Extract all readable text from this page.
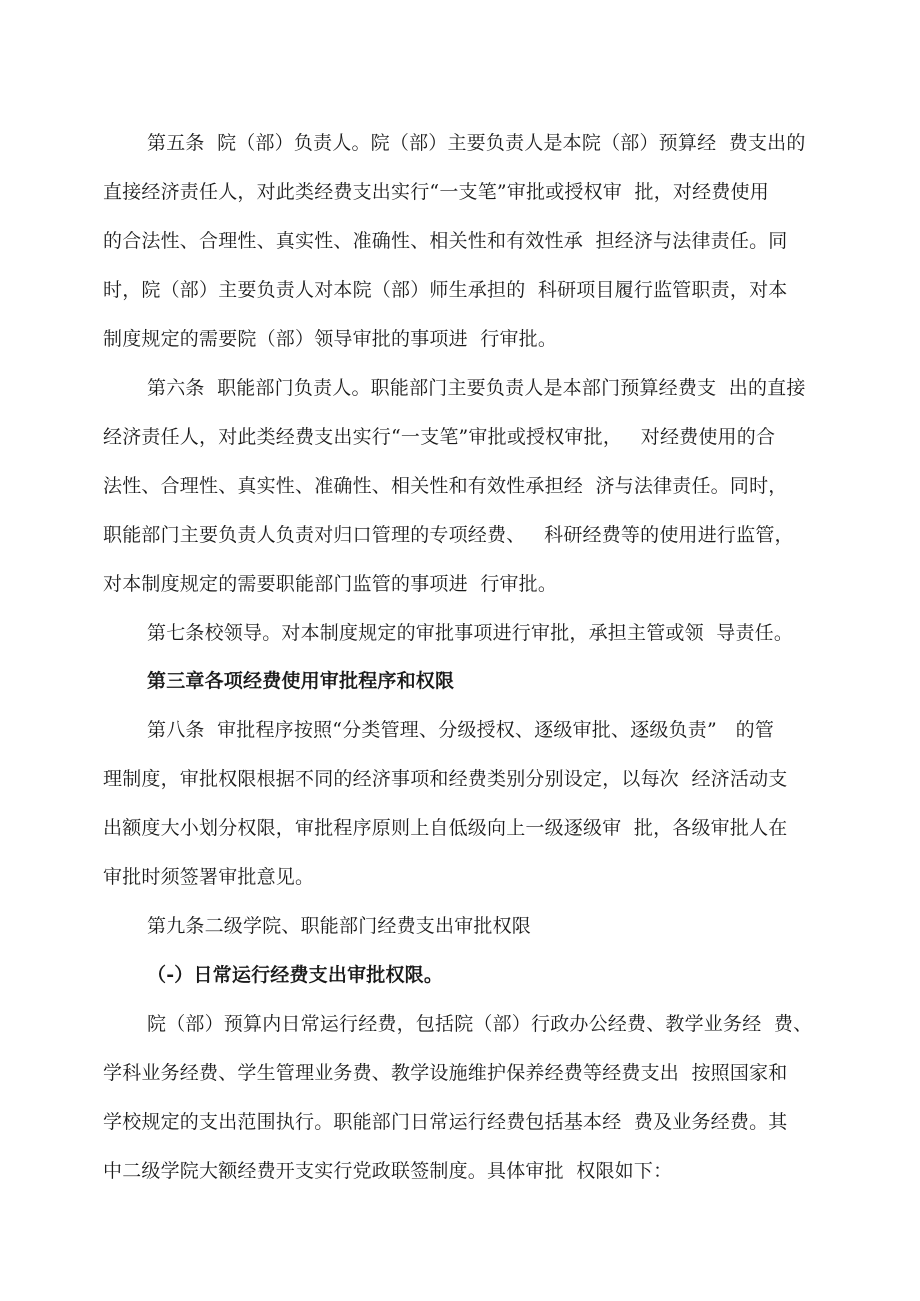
第五条  院（部）负责人。院（部）主要负责人是本院（部）预算经  费支出的
直接经济责任人，对此类经费支出实行“一支笔”审批或授权审  批，对经费使用
的合法性、合理性、真实性、准确性、相关性和有效性承  担经济与法律责任。同
时，院（部）主要负责人对本院（部）师生承担的  科研项目履行监管职责，对本
制度规定的需要院（部）领导审批的事项进  行审批。
第六条  职能部门负责人。职能部门主要负责人是本部门预算经费支  出的直接
经济责任人，对此类经费支出实行“一支笔”审批或授权审批，   对经费使用的合
法性、合理性、真实性、准确性、相关性和有效性承担经  济与法律责任。同时，
职能部门主要负责人负责对归口管理的专项经费、   科研经费等的使用进行监管，
对本制度规定的需要职能部门监管的事项进  行审批。
第七条校领导。对本制度规定的审批事项进行审批，承担主管或领  导责任。
第三章各项经费使用审批程序和权限
第八条  审批程序按照“分类管理、分级授权、逐级审批、逐级负责”   的管
理制度，审批权限根据不同的经济事项和经费类别分别设定，以每次  经济活动支
出额度大小划分权限，审批程序原则上自低级向上一级逐级审  批，各级审批人在
审批时须签署审批意见。
第九条二级学院、职能部门经费支出审批权限
（-）日常运行经费支出审批权限。
院（部）预算内日常运行经费，包括院（部）行政办公经费、教学业务经  费、
学科业务经费、学生管理业务费、教学设施维护保养经费等经费支出  按照国家和
学校规定的支出范围执行。职能部门日常运行经费包括基本经  费及业务经费。其
中二级学院大额经费开支实行党政联签制度。具体审批  权限如下：
